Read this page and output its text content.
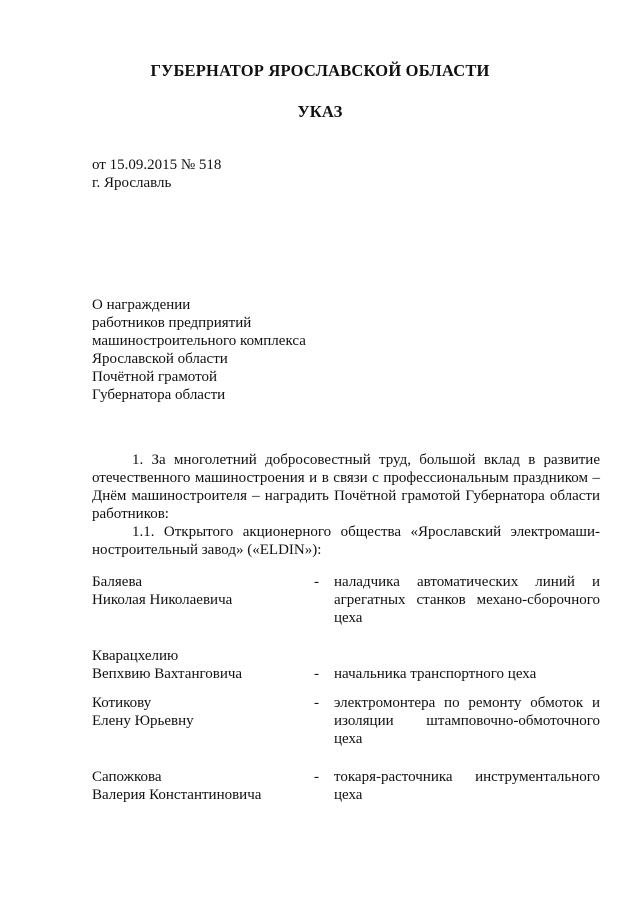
ГУБЕРНАТОР ЯРОСЛАВСКОЙ ОБЛАСТИ
УКАЗ
от 15.09.2015 № 518
г. Ярославль
О награждении
работников предприятий
машиностроительного комплекса
Ярославской области
Почётной грамотой
Губернатора области
1. За многолетний добросовестный труд, большой вклад в развитие
отечественного машиностроения и в связи с профессиональным праздником –
Днём машиностроителя – наградить Почётной грамотой Губернатора области
работников:
1.1. Открытого акционерного общества «Ярославский электромаши-
ностроительный завод» («ELDIN»):
Баляева
Николая Николаевича
-	наладчика автоматических линий и
агрегатных станков механо-сборочного
цеха
Кварацхелию
Вепхвию Вахтанговича	-	начальника транспортного цеха
Котикову
Елену Юрьевну
-	электромонтера по ремонту обмоток и
изоляции штамповочно-обмоточного
цеха
Сапожкова
Валерия Константиновича
-	токаря-расточника инструментального
цеха
